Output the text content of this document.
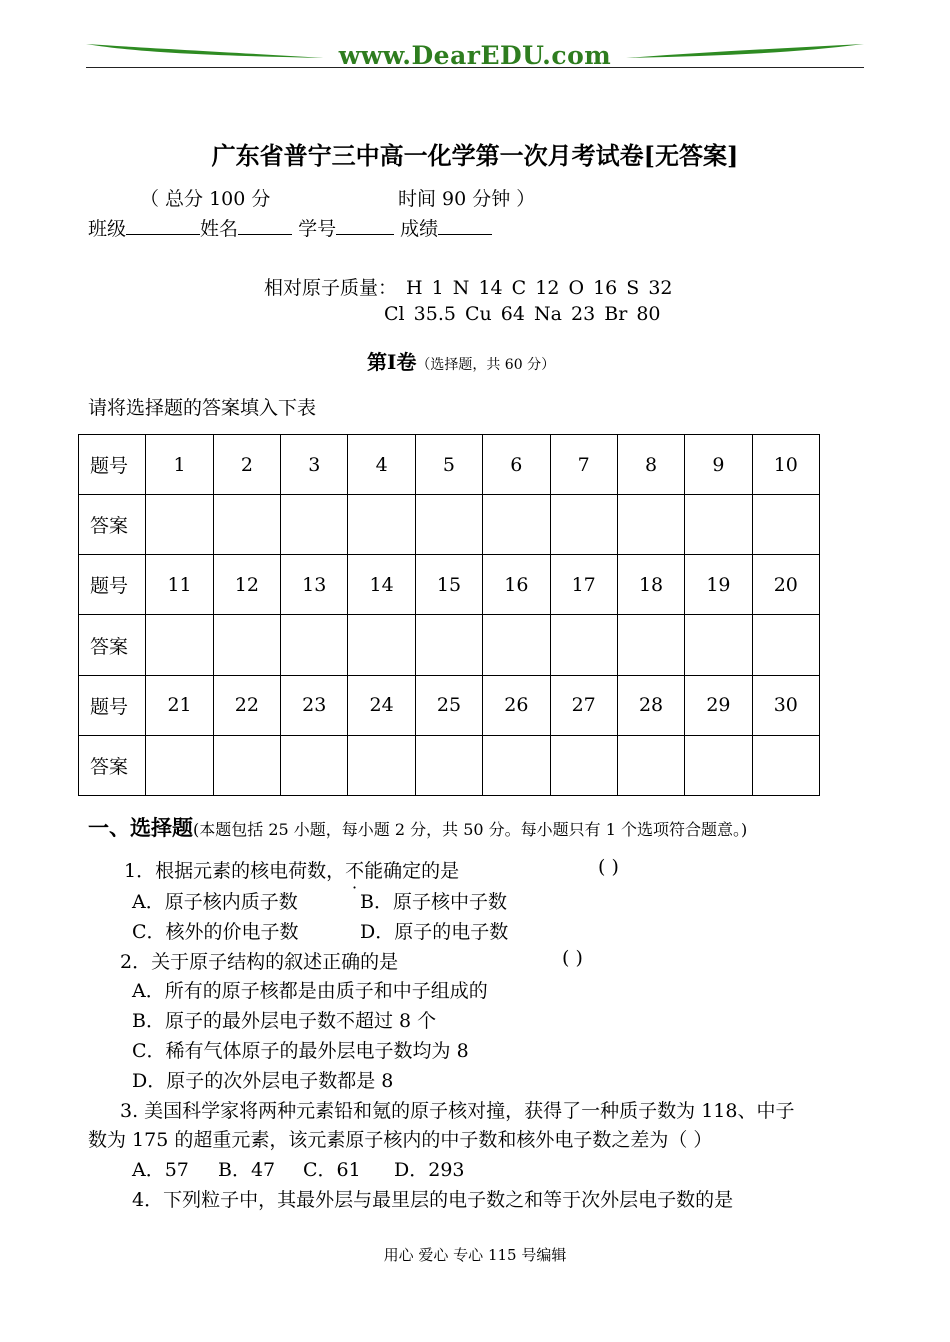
www.DearEDU.com
广东省普宁三中高一化学第一次月考试卷[无答案]
（ 总分 100 分	时间 90 分钟 ）
班级	姓名	学号	成绩
相对原子质量： H 1 N 14 C 12 O 16 S 32
Cl 35.5 Cu 64 Na 23 Br 80
第Ⅰ卷（选择题，共 60 分）
请将选择题的答案填入下表
题号	1	2	3	4	5	6	7	8	9	10
答案										
题号	11	12	13	14	15	16	17	18	19	20
答案										
题号	21	22	23	24	25	26	27	28	29	30
答案										
一、选择题(本题包括 25 小题，每小题 2 分，共 50 分。每小题只有 1 个选项符合题意。)
1．根据元素的核电荷数，不能确定的是	( )
A．原子核内质子数	B．原子核中子数
C．核外的价电子数	D．原子的电子数
2．关于原子结构的叙述正确的是	( )
A．所有的原子核都是由质子和中子组成的
B．原子的最外层电子数不超过 8 个
C．稀有气体原子的最外层电子数均为 8
D．原子的次外层电子数都是 8
3. 美国科学家将两种元素铅和氪的原子核对撞，获得了一种质子数为 118、中子
数为 175 的超重元素，该元素原子核内的中子数和核外电子数之差为（ ）
A．57 B．47 C．61 D．293
4．下列粒子中，其最外层与最里层的电子数之和等于次外层电子数的是
用心 爱心 专心 115 号编辑
